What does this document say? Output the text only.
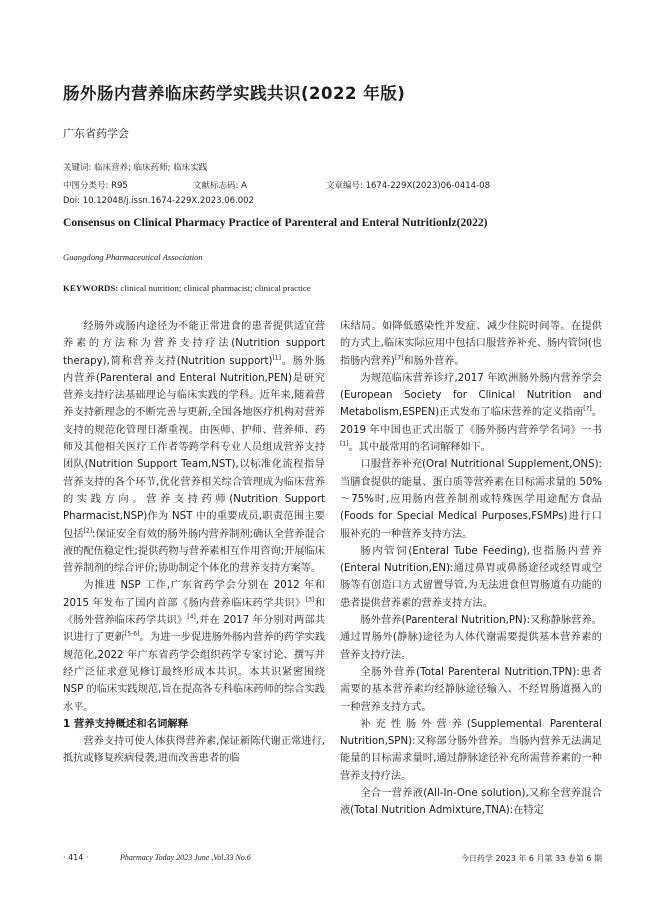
肠外肠内营养临床药学实践共识(2022 年版)
广东省药学会
关键词: 临床营养; 临床药师; 临床实践
中图分类号: R95	文献标志码: A	文章编号: 1674-229X(2023)06-0414-08
Doi: 10.12048/j.issn.1674-229X.2023.06.002
Consensus on Clinical Pharmacy Practice of Parenteral and Enteral Nutritionlz(2022)
Guangdong Pharmaceutical Association
KEYWORDS: clinical nutrition; clinical pharmacist; clinical practice

经肠外或肠内途径为不能正常进食的患者提供适宜营养素的方法称为营养支持疗法(Nutrition support therapy),简称营养支持(Nutrition support)[1]。肠外肠内营养(Parenteral and Enteral Nutrition,PEN)是研究营养支持疗法基础理论与临床实践的学科。近年来,随着营养支持新理念的不断完善与更新,全国各地医疗机构对营养支持的规范化管理日渐重视。由医师、护师、营养师、药师及其他相关医疗工作者等跨学科专业人员组成营养支持团队(Nutrition Support Team,NST),以标准化流程指导营养支持的各个环节,优化营养相关综合管理成为临床营养的实践方向。营养支持药师(Nutrition Support Pharmacist,NSP)作为 NST 中的重要成员,职责范围主要包括[2]:保证安全有效的肠外肠内营养制剂;确认全营养混合液的配伍稳定性;提供药物与营养素相互作用咨询;开展临床营养制剂的综合评价;协助制定个体化的营养支持方案等。

为推进 NSP 工作,广东省药学会分别在 2012 年和 2015 年发布了国内首部《肠内营养临床药学共识》[3]和《肠外营养临床药学共识》[4],并在 2017 年分别对两部共识进行了更新[5-6]。为进一步促进肠外肠内营养的药学实践规范化,2022 年广东省药学会组织药学专家讨论、撰写并经广泛征求意见修订最终形成本共识。本共识紧密围绕 NSP 的临床实践规范,旨在提高各专科临床药师的综合实践水平。

1 营养支持概述和名词解释

营养支持可使人体获得营养素,保证新陈代谢正常进行,抵抗或修复疾病侵袭,进而改善患者的临

床结局。如降低感染性并发症、减少住院时间等。在提供的方式上,临床实际应用中包括口服营养补充、肠内管饲(也指肠内营养)[7]和肠外营养。

为规范临床营养诊疗,2017 年欧洲肠外肠内营养学会(European Society for Clinical Nutrition and Metabolism,ESPEN)正式发布了临床营养的定义指南[7]。2019 年中国也正式出版了《肠外肠内营养学名词》一书[1]。其中最常用的名词解释如下。

口服营养补充(Oral Nutritional Supplement,ONS):当膳食提供的能量、蛋白质等营养素在目标需求量的 50%～75%时,应用肠内营养制剂或特殊医学用途配方食品(Foods for Special Medical Purposes,FSMPs)进行口服补充的一种营养支持方法。

肠内管饲(Enteral Tube Feeding),也指肠内营养(Enteral Nutrition,EN):通过鼻胃或鼻肠途径或经胃或空肠等有创造口方式留置导管,为无法进食但胃肠道有功能的患者提供营养素的营养支持方法。

肠外营养(Parenteral Nutrition,PN):又称静脉营养。通过胃肠外(静脉)途径为人体代谢需要提供基本营养素的营养支持疗法。

全肠外营养(Total Parenteral Nutrition,TPN):患者需要的基本营养素均经静脉途径输入、不经胃肠道摄入的一种营养支持方式。

补充性肠外营养(Supplemental Parenteral Nutrition,SPN):又称部分肠外营养。当肠内营养无法满足能量的目标需求量时,通过静脉途径补充所需营养素的一种营养支持疗法。

全合一营养液(All-In-One solution),又称全营养混合液(Total Nutrition Admixture,TNA):在特定

· 414 ·	Pharmacy Today 2023 June ,Vol.33 No.6	今日药学 2023 年 6 月第 33 卷第 6 期
